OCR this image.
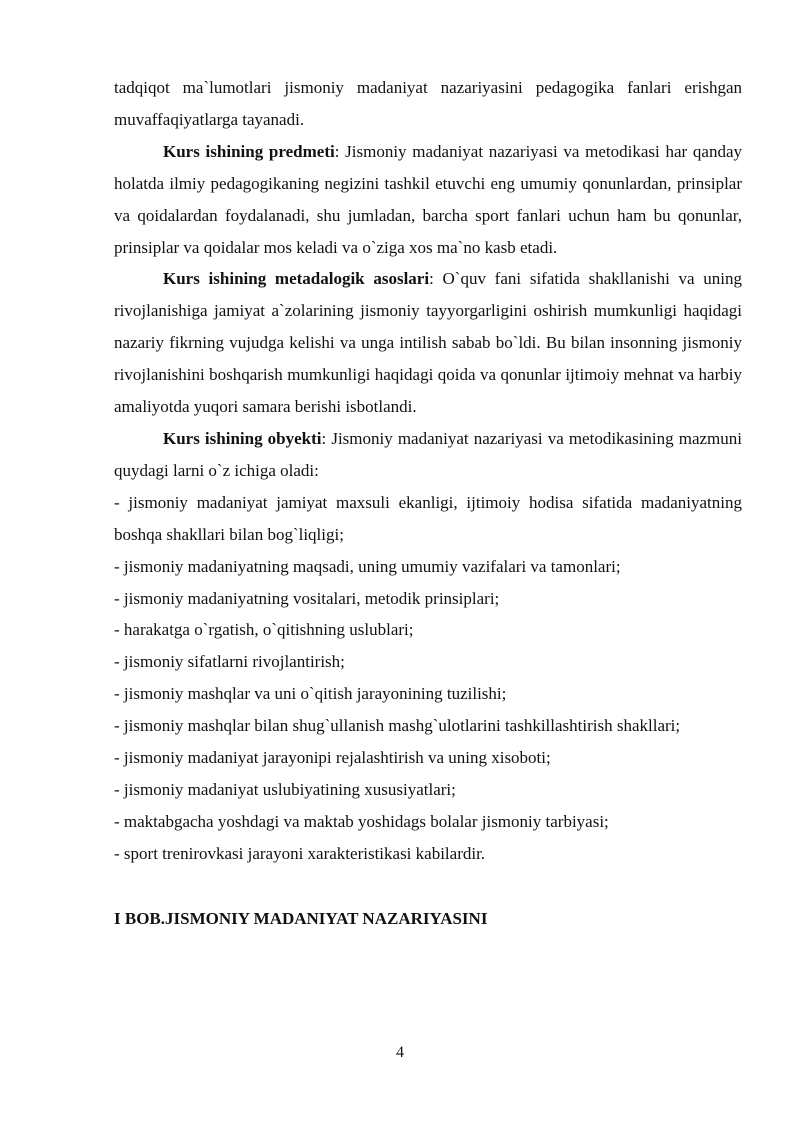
tadqiqot ma`lumotlari jismoniy madaniyat nazariyasini pedagogika fanlari erishgan muvaffaqiyatlarga tayanadi.

Kurs ishining predmeti: Jismoniy madaniyat nazariyasi va metodikasi har qanday holatda ilmiy pedagogikaning negizini tashkil etuvchi eng umumiy qonunlardan, prinsiplar va qoidalardan foydalanadi, shu jumladan, barcha sport fanlari uchun ham bu qonunlar, prinsiplar va qoidalar mos keladi va o`ziga xos ma`no kasb etadi.

Kurs ishining metadalogik asoslari: O`quv fani sifatida shakllanishi va uning rivojlanishiga jamiyat a`zolarining jismoniy tayyorgarligini oshirish mumkunligi haqidagi nazariy fikrning vujudga kelishi va unga intilish sabab bo`ldi. Bu bilan insonning jismoniy rivojlanishini boshqarish mumkunligi haqidagi qoida va qonunlar ijtimoiy mehnat va harbiy amaliyotda yuqori samara berishi isbotlandi.

Kurs ishining obyekti: Jismoniy madaniyat nazariyasi va metodikasining mazmuni quydagi larni o`z ichiga oladi:

- jismoniy madaniyat jamiyat maxsuli ekanligi, ijtimoiy hodisa sifatida madaniyatning boshqa shakllari bilan bog`liqligi;
- jismoniy madaniyatning maqsadi, uning umumiy vazifalari va tamonlari;
- jismoniy madaniyatning vositalari, metodik prinsiplari;
- harakatga o`rgatish, o`qitishning uslublari;
- jismoniy sifatlarni rivojlantirish;
- jismoniy mashqlar va uni o`qitish jarayonining tuzilishi;
- jismoniy mashqlar bilan shug`ullanish mashg`ulotlarini tashkillashtirish shakllari;
- jismoniy madaniyat jarayonipi rejalashtirish va uning xisoboti;
- jismoniy madaniyat uslubiyatining xususiyatlari;
- maktabgacha yoshdagi va maktab yoshidags bolalar jismoniy tarbiyasi;
- sport trenirovkasi jarayoni xarakteristikasi kabilardir.

I BOB.JISMONIY MADANIYAT NAZARIYASINI

4
